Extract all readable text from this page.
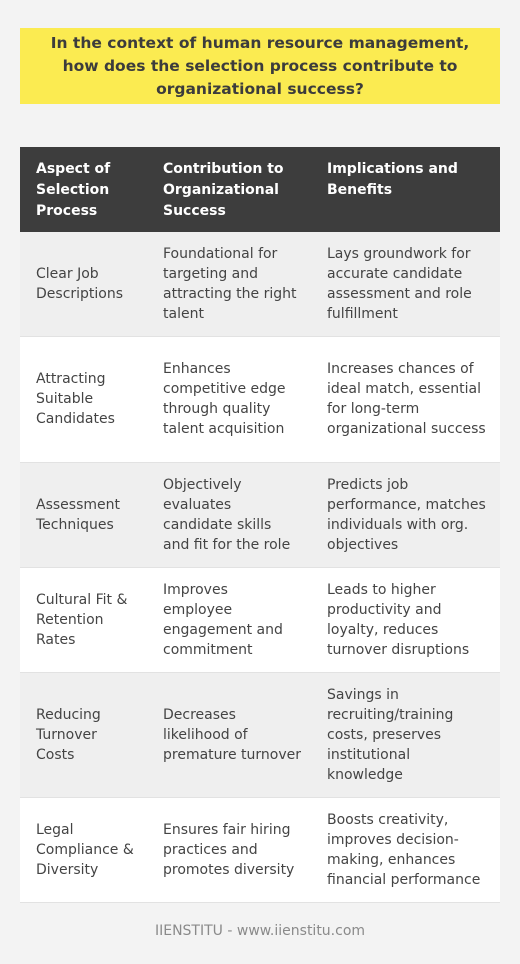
In the context of human resource management, how does the selection process contribute to organizational success?
Aspect of Selection Process	Contribution to Organizational Success	Implications and Benefits
Clear Job Descriptions	Foundational for targeting and attracting the right talent	Lays groundwork for accurate candidate assessment and role fulfillment
Attracting Suitable Candidates	Enhances competitive edge through quality talent acquisition	Increases chances of ideal match, essential for long-term organizational success
Assessment Techniques	Objectively evaluates candidate skills and fit for the role	Predicts job performance, matches individuals with org. objectives
Cultural Fit & Retention Rates	Improves employee engagement and commitment	Leads to higher productivity and loyalty, reduces turnover disruptions
Reducing Turnover Costs	Decreases likelihood of premature turnover	Savings in recruiting/training costs, preserves institutional knowledge
Legal Compliance & Diversity	Ensures fair hiring practices and promotes diversity	Boosts creativity, improves decision-making, enhances financial performance
IIENSTITU - www.iienstitu.com
